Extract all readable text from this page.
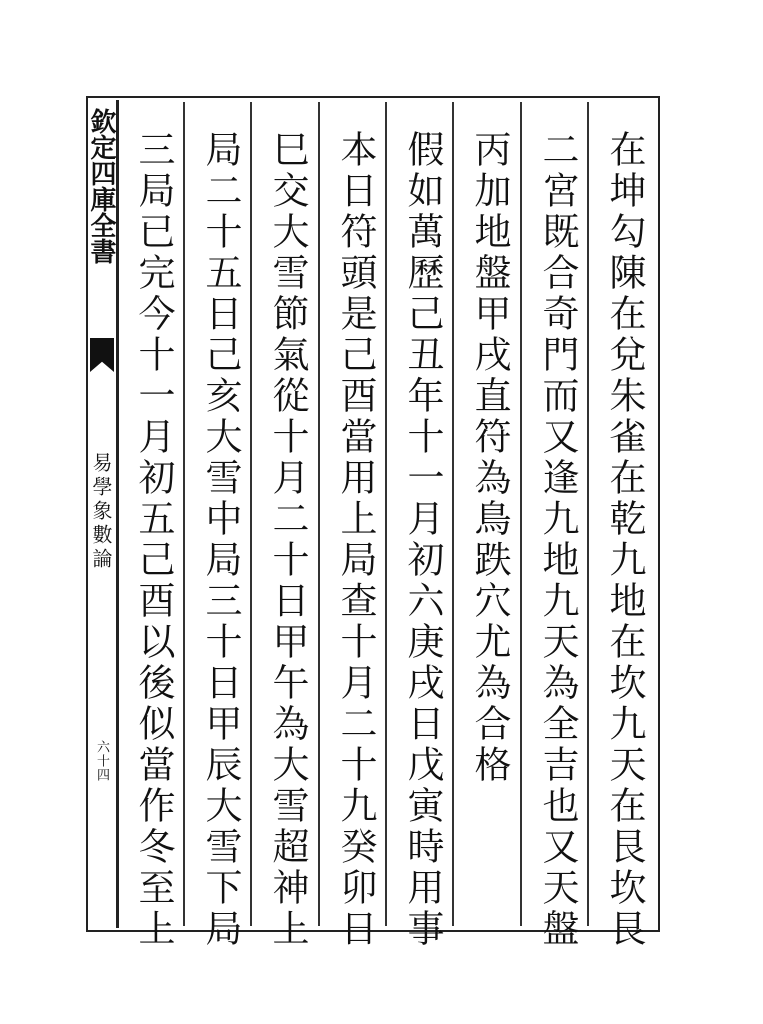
欽定四庫全書
易學象數論
六十四	在坤勾陳在兌朱雀在乾九地在坎九天在艮坎艮
二宮既合奇門而又逢九地九天為全吉也又天盤
丙加地盤甲戌直符為鳥跌穴尤為合格
假如萬歷己丑年十一月初六庚戌日戊寅時用事
本日符頭是己酉當用上局查十月二十九癸卯日
巳交大雪節氣從十月二十日甲午為大雪超神上
局二十五日己亥大雪中局三十日甲辰大雪下局
三局已完今十一月初五己酉以後似當作冬至上
